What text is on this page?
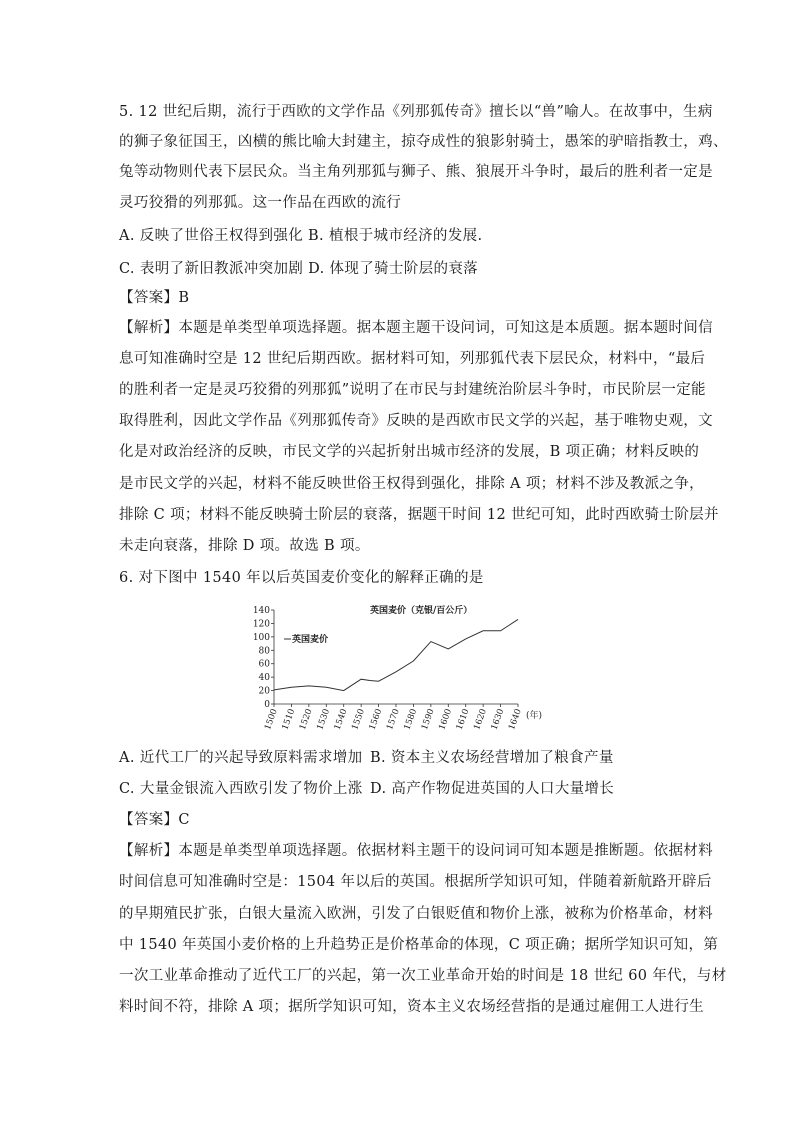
5. 12 世纪后期，流行于西欧的文学作品《列那狐传奇》擅长以“兽”喻人。在故事中，生病
的狮子象征国王，凶横的熊比喻大封建主，掠夺成性的狼影射骑士，愚笨的驴暗指教士，鸡、
兔等动物则代表下层民众。当主角列那狐与狮子、熊、狼展开斗争时，最后的胜利者一定是
灵巧狡猾的列那狐。这一作品在西欧的流行
A. 反映了世俗王权得到强化 B. 植根于城市经济的发展.
C. 表明了新旧教派冲突加剧 D. 体现了骑士阶层的衰落
【答案】B
【解析】本题是单类型单项选择题。据本题主题干设问词，可知这是本质题。据本题时间信
息可知准确时空是 12 世纪后期西欧。据材料可知，列那狐代表下层民众，材料中，“最后
的胜利者一定是灵巧狡猾的列那狐”说明了在市民与封建统治阶层斗争时，市民阶层一定能
取得胜利，因此文学作品《列那狐传奇》反映的是西欧市民文学的兴起，基于唯物史观，文
化是对政治经济的反映，市民文学的兴起折射出城市经济的发展，B 项正确；材料反映的
是市民文学的兴起，材料不能反映世俗王权得到强化，排除 A 项；材料不涉及教派之争，
排除 C 项；材料不能反映骑士阶层的衰落，据题干时间 12 世纪可知，此时西欧骑士阶层并
未走向衰落，排除 D 项。故选 B 项。
6. 对下图中 1540 年以后英国麦价变化的解释正确的是
0
20
40
60
80
100
120
140
1500 1510 1520 1530 1540 1550 1560 1570 1580 1590 1600 1610 1620 1630 1640
英国麦价（克银/百公斤）
英国麦价
(年)
A. 近代工厂的兴起导致原料需求增加 B. 资本主义农场经营增加了粮食产量
C. 大量金银流入西欧引发了物价上涨 D. 高产作物促进英国的人口大量增长
【答案】C
【解析】本题是单类型单项选择题。依据材料主题干的设问词可知本题是推断题。依据材料
时间信息可知准确时空是：1504 年以后的英国。根据所学知识可知，伴随着新航路开辟后
的早期殖民扩张，白银大量流入欧洲，引发了白银贬值和物价上涨，被称为价格革命，材料
中 1540 年英国小麦价格的上升趋势正是价格革命的体现，C 项正确；据所学知识可知，第
一次工业革命推动了近代工厂的兴起，第一次工业革命开始的时间是 18 世纪 60 年代，与材
料时间不符，排除 A 项；据所学知识可知，资本主义农场经营指的是通过雇佣工人进行生
